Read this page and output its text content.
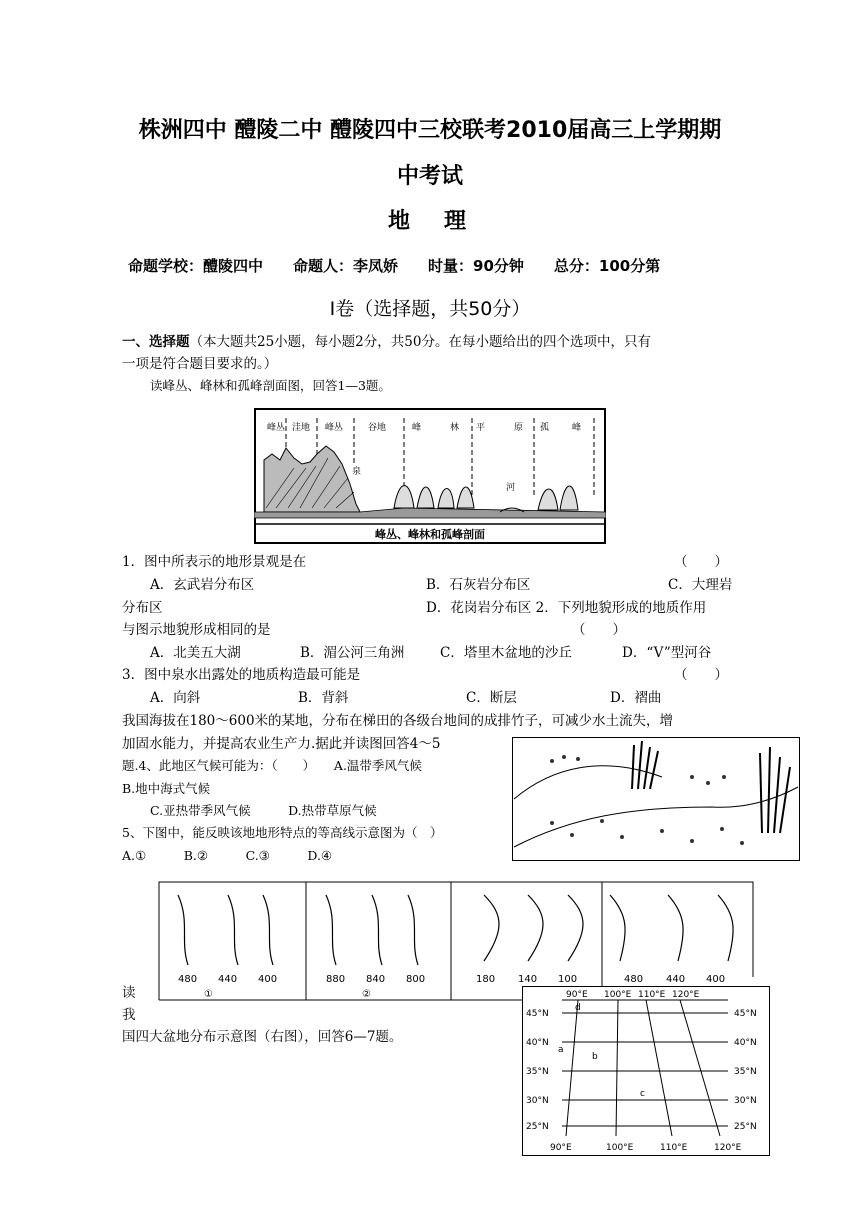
株洲四中 醴陵二中 醴陵四中三校联考2010届高三上学期期
中考试
地　理
命题学校：醴陵四中　　命题人：李凤娇　　时量：90分钟　　总分：100分第
Ⅰ卷（选择题，共50分）
一、选择题（本大题共25小题，每小题2分，共50分。在每小题给出的四个选项中，只有
一项是符合题目要求的。）
读峰丛、峰林和孤峰剖面图，回答1—3题。
峰丛 洼地 峰丛	谷地	峰	林 平	原 孤	峰
泉
河
峰丛、峰林和孤峰剖面
1．图中所表示的地形景观是在	（　　）
A．玄武岩分布区	B．石灰岩分布区	C．大理岩
分布区	D．花岗岩分布区 2．下列地貌形成的地质作用
与图示地貌形成相同的是	（　　）
A．北美五大湖	B．湄公河三角洲	C．塔里木盆地的沙丘	D．“V”型河谷
3．图中泉水出露处的地质构造最可能是	（　　）
A．向斜	B．背斜	C．断层	D．褶曲
我国海拔在180～600米的某地，分布在梯田的各级台地间的成排竹子，可减少水土流失，增
加固水能力，并提高农业生产力.据此并读图回答4～5
题.4、此地区气候可能为：（　　）　　A.温带季风气候
B.地中海式气候
C.亚热带季风气候　　　D.热带草原气候
5、下图中，能反映该地地形特点的等高线示意图为（　）
A.①　　　B.②　　　C.③　　　D.④
480 440 400
①
880 840 800
②
180 140 100	480 440 400
读
我
国四大盆地分布示意图（右图），回答6—7题。
90°E 100°E 110°E 120°E
90°E	100°E	110°E	120°E
45°N
40°N
35°N
30°N
25°N
45°N
40°N
35°N
30°N
25°N
d
a
b
c
